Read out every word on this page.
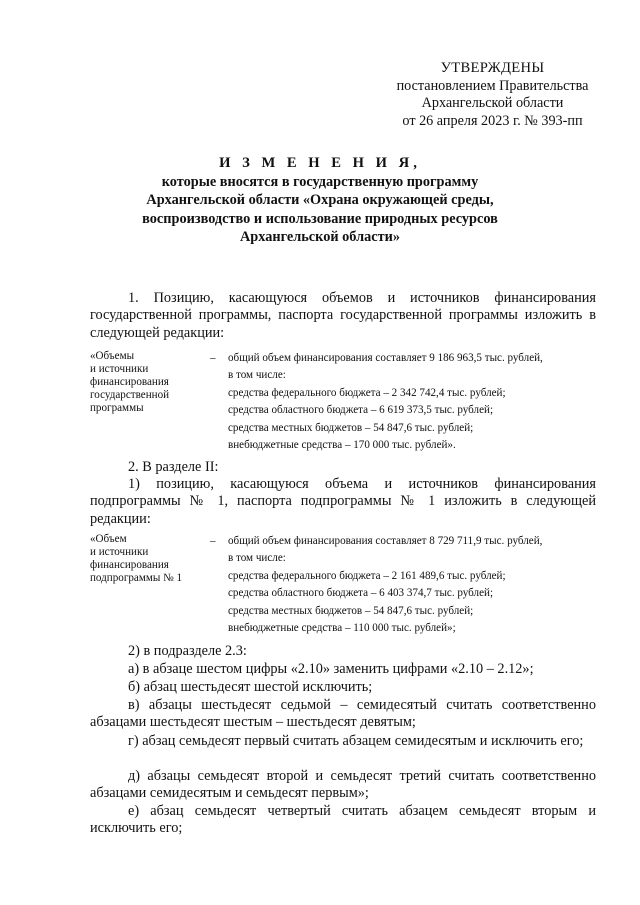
УТВЕРЖДЕНЫ
постановлением Правительства
Архангельской области
от 26 апреля 2023 г. № 393-пп
И З М Е Н Е Н И Я,
которые вносятся в государственную программу
Архангельской области «Охрана окружающей среды,
воспроизводство и использование природных ресурсов
Архангельской области»
1. Позицию, касающуюся объемов и источников финансирования государственной программы, паспорта государственной программы изложить в следующей редакции:
«Объемы
и источники
финансирования
государственной
программы
– общий объем финансирования составляет 9 186 963,5 тыс. рублей,
в том числе:
средства федерального бюджета – 2 342 742,4 тыс. рублей;
средства областного бюджета – 6 619 373,5 тыс. рублей;
средства местных бюджетов – 54 847,6 тыс. рублей;
внебюджетные средства – 170 000 тыс. рублей».
2. В разделе II:
1) позицию, касающуюся объема и источников финансирования подпрограммы № 1, паспорта подпрограммы № 1 изложить в следующей редакции:
«Объем
и источники
финансирования
подпрограммы № 1
– общий объем финансирования составляет 8 729 711,9 тыс. рублей,
в том числе:
средства федерального бюджета – 2 161 489,6 тыс. рублей;
средства областного бюджета – 6 403 374,7 тыс. рублей;
средства местных бюджетов – 54 847,6 тыс. рублей;
внебюджетные средства – 110 000 тыс. рублей»;
2) в подразделе 2.3:
а) в абзаце шестом цифры «2.10» заменить цифрами «2.10 – 2.12»;
б) абзац шестьдесят шестой исключить;
в) абзацы шестьдесят седьмой – семидесятый считать соответственно абзацами шестьдесят шестым – шестьдесят девятым;
г) абзац семьдесят первый считать абзацем семидесятым и исключить его;
д) абзацы семьдесят второй и семьдесят третий считать соответственно абзацами семидесятым и семьдесят первым»;
е) абзац семьдесят четвертый считать абзацем семьдесят вторым и исключить его;
